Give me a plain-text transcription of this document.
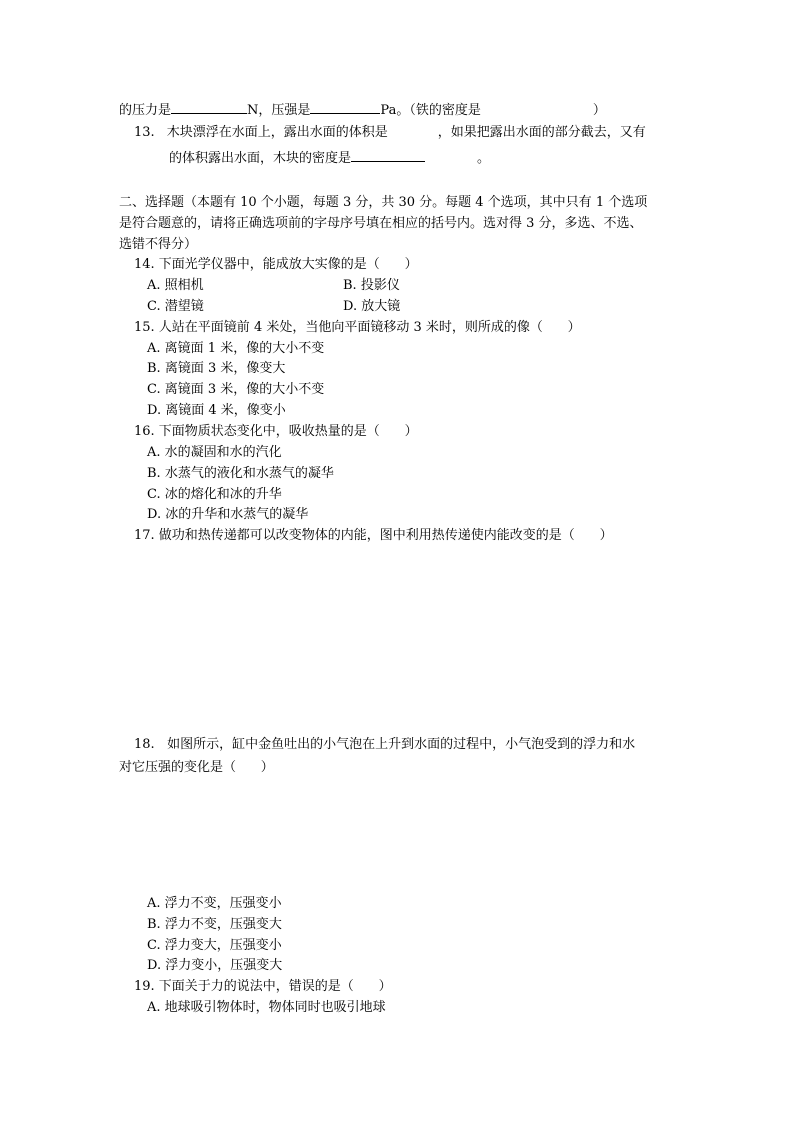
的压力是	N，压强是	Pa。（铁的密度是	）
13. 木块漂浮在水面上，露出水面的体积是	，如果把露出水面的部分截去，又有
的体积露出水面，木块的密度是	。
二、选择题（本题有 10 个小题，每题 3 分，共 30 分。每题 4 个选项，其中只有 1 个选项
是符合题意的，请将正确选项前的字母序号填在相应的括号内。选对得 3 分，多选、不选、
选错不得分）
14. 下面光学仪器中，能成放大实像的是（      ）
A. 照相机	B. 投影仪
C. 潜望镜	D. 放大镜
15. 人站在平面镜前 4 米处，当他向平面镜移动 3 米时，则所成的像（      ）
A. 离镜面 1 米，像的大小不变
B. 离镜面 3 米，像变大
C. 离镜面 3 米，像的大小不变
D. 离镜面 4 米，像变小
16. 下面物质状态变化中，吸收热量的是（      ）
A. 水的凝固和水的汽化
B. 水蒸气的液化和水蒸气的凝华
C. 冰的熔化和冰的升华
D. 冰的升华和水蒸气的凝华
17. 做功和热传递都可以改变物体的内能，图中利用热传递使内能改变的是（      ）
18.   如图所示，缸中金鱼吐出的小气泡在上升到水面的过程中，小气泡受到的浮力和水
对它压强的变化是（      ）
A. 浮力不变，压强变小
B. 浮力不变，压强变大
C. 浮力变大，压强变小
D. 浮力变小，压强变大
19. 下面关于力的说法中，错误的是（      ）
A. 地球吸引物体时，物体同时也吸引地球
